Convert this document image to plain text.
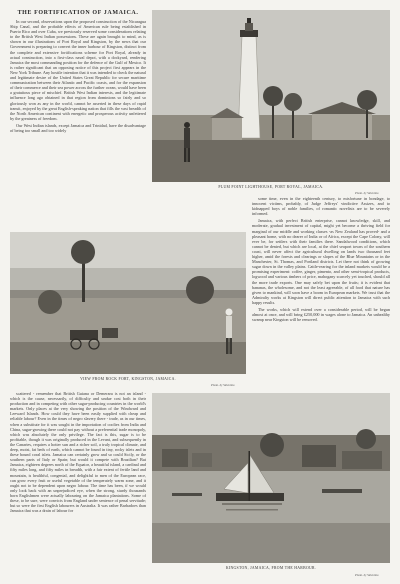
THE FORTIFICATION OF JAMAICA.

In our second, observations upon the proposed construction of the Nicaragua Ship Canal, and the probable effects of American rule being established in Puerto Rico and over Cuba, we previously reserved some considerations relating to the British West Indian possessions. These are again brought to mind, as is shown in our illustrations of Port Royal and Kingston, by the news that our Government is preparing to convert the inner harbour of Kingston, distinct from the complete and extensive fortifications scheme for Port Royal, already in actual construction, into a first-class naval depot, with a dockyard, rendering Jamaica the most commanding position for the defence of the Gulf of Mexico. It is rather significant that an opposing notice of this project first appears in the New York Tribune. Any hostile intention that it was intended to check the natural and legitimate desire of the United States Great Republic for secure maritime communication between their Atlantic and Pacific coasts, and for the expansion of their commerce and their sea power across the further ocean, would have been a gratuitous piece of mischief. British West Indian interests, and the legitimate influence long ago obtained in that region from dominions so fairly and so gloriously won as any in the world, cannot be asserted in these days of rapid transit, enjoyed by the great English-speaking nation that fills the vast breadth of the North American continent with energetic and prosperous activity unfettered by the greatness of freedom.

Our West Indian islands, except Jamaica and Trinidad, have the disadvantage of being too small and too widely

PLUM POINT LIGHTHOUSE, PORT ROYAL, JAMAICA.
Photo. by Valentine.
VIEW FROM ROCK FORT, KINGSTON, JAMAICA.
Photo. by Valentine.

some time, even in the eighteenth century, to misfortune in bondage, to innocent victims, probably, of Judge Jeffreys' vindictive Assizes, and to kidnapped boys of noble families, of romantic novelists are to be severely informed.

Jamaica, with perfect British enterprise, cannot knowledge, skill, and moderate, gradual investment of capital, might yet become a thriving field for marginal of our middle and working classes -as New Zealand has proved- and a pleasant home, with no dearer of India or of Africa, except the Cape Colony, will ever be, for settlers with their families there. Sandalwood conditions, which cannot be denied, but which are local, at the chief seaport towns of the southern coast, will never affect the agricultural dwelling on lands two thousand feet higher, amid the forests and clearings or slopes of the Blue Mountains or in the Manchester, St. Thomas, and Portland districts. Let there not think of growing sugar down in the valley plains. Cattle-rearing for the inland markets would be a promising experiment: coffee, ginger, pimento, and other semi-tropical products, logwood and various timbers of price, mahogany scarcely yet touched, should all the more trade exports. One may safely bet upon the fruits; it is evident that bananas, the wholesome, and not the least agreeable, of all food that nature has given to mankind, will soon have a boom in European markets. We trust that the Admiralty works at Kingston will direct public attention to Jamaica with such happy results.

The works, which will extend over a considerable period, will be begun almost at once, and will bring £250,000 in wages alone to Jamaica. An unhealthy swamp near Kingston will be removed.

scattered - remember that British Guiana or Demerara is not an island - which is the cause, necessarily, of difficulty and undue cost both in their production and in competing with other sugar-producing countries in the world's markets. Only places at the very showing the position of the Windward and Leeward Islands. How could they have been easily supplied with cheap and reliable labour? Even in the times of negro slavery there - trade, as in our times, when a substitute for it was sought in the importation of coolies from India and China, sugar-growing there could not pay without a preferential trade monopoly, which was absolutely the only privilege. The fact is this, sugar is to be profitable, though it was originally produced in the Levant, and subsequently in the Canaries, requires a hotter sun and a richer soil, a truly tropical climate, and deep, moist, fat beds of earth, which cannot be found in tiny, rocky islets and in these bound coral islets. Jamaica can certainly grow and so could Sicily, or the southern parts of Italy or Spain; but would it compete with Brazilian? But Jamaica, eighteen degrees north of the Equator, a beautiful island, a cardinal and fifty miles long, and fifty miles in breadth, with a fair extent of fertile land and mountain, is healthful, congenial, and delightful to men of the European race, can grow every fruit or useful vegetable of the temperately warm zone, and it ought not to be dependent upon negro labour. The time has been, if we would only look back with an unprejudiced eye, when the strong, sturdy thousands born Englishmen were actually labouring on the Jamaica plantations. Some of these, to be sure, were convicts from England under sentence of penal servitude; but so were the first English labourers in Australia. It was rather Barbadoes than Jamaica that was a drain of labour for

KINGSTON, JAMAICA, FROM THE HARBOUR.
Photo. by Valentine.
